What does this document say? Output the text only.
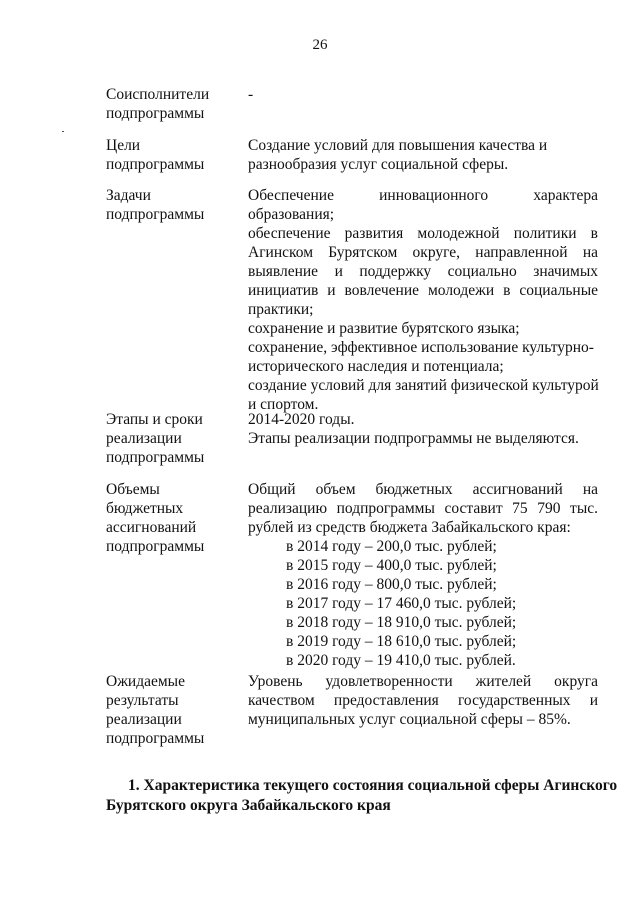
26
Соисполнители
подпрограммы
-
Цели
подпрограммы
Создание условий для повышения качества и
разнообразия услуг социальной сферы.
Задачи
подпрограммы
Обеспечение инновационного характера
образования;
обеспечение развития молодежной политики в
Агинском Бурятском округе, направленной на
выявление и поддержку социально значимых
инициатив и вовлечение молодежи в социальные
практики;
сохранение и развитие бурятского языка;
сохранение, эффективное использование культурно-
исторического наследия и потенциала;
создание условий для занятий физической культурой
и спортом.
Этапы и сроки
реализации
подпрограммы
2014-2020 годы.
Этапы реализации подпрограммы не выделяются.
Объемы
бюджетных
ассигнований
подпрограммы
Общий объем бюджетных ассигнований на
реализацию подпрограммы составит 75 790 тыс.
рублей из средств бюджета Забайкальского края:
в 2014 году – 200,0 тыс. рублей;
в 2015 году – 400,0 тыс. рублей;
в 2016 году – 800,0 тыс. рублей;
в 2017 году – 17 460,0 тыс. рублей;
в 2018 году – 18 910,0 тыс. рублей;
в 2019 году – 18 610,0 тыс. рублей;
в 2020 году – 19 410,0 тыс. рублей.
Ожидаемые
результаты
реализации
подпрограммы
Уровень удовлетворенности жителей округа
качеством предоставления государственных и
муниципальных услуг социальной сферы – 85%.
1. Характеристика текущего состояния социальной сферы Агинского
Бурятского округа Забайкальского края
